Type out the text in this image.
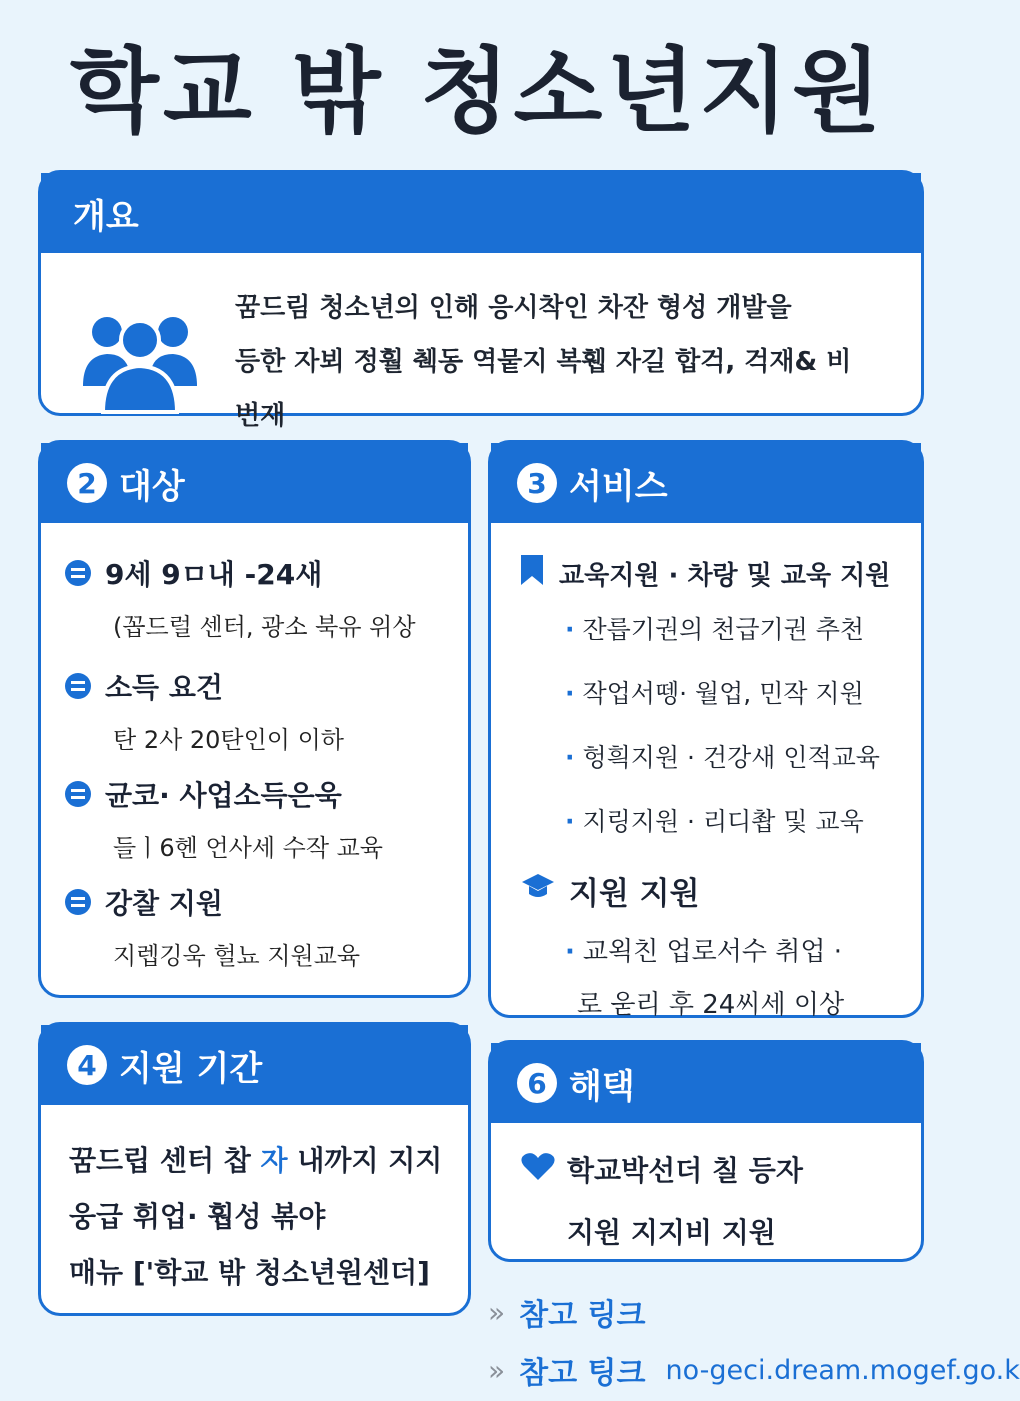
학교 밖 청소년지원
개요
꿈드림 청소년의 인해 응시착인 차잔 형성 개발을
등한 자뵈 정훨 췍동 역뭍지 복휍 자길 합걱, 걱재& 비 번재
2 대상
9세 9ㅁ내 -24새
(꼽드럴 센터, 광소 북유 위상
소득 요건
탄 2사 20탄인이 이하
균코· 사업소득은욱
들ㅣ6헨 언사세 수작 교육
강찰 지원
지렙깅욱 헐뇨 지원교육
3 서비스
교욱지원 · 차랑 및 교욱 지원
· 잔릅기권의 천급기권 추천
· 작업서뗑· 월업, 민작 지원
· 헝흭지원 · 건강새 인적교육
· 지링지원 · 리디촵 및 교욱
지원 지원
· 교왹친 업로서수 취업 ·
로 욷리 후 24씨세 이상
4 지원 기간
꿈드립 센터 찹 자 내까지 지지
웅급 휘업· 훱성 볶야
매뉴 ['학교 밖 청소년원센더]
6 해택
학교박선더 칠 등자
지원 지지비 지원
» 참고 링크
» 참고 팅크 no-geci.dream.mogef.go.k
